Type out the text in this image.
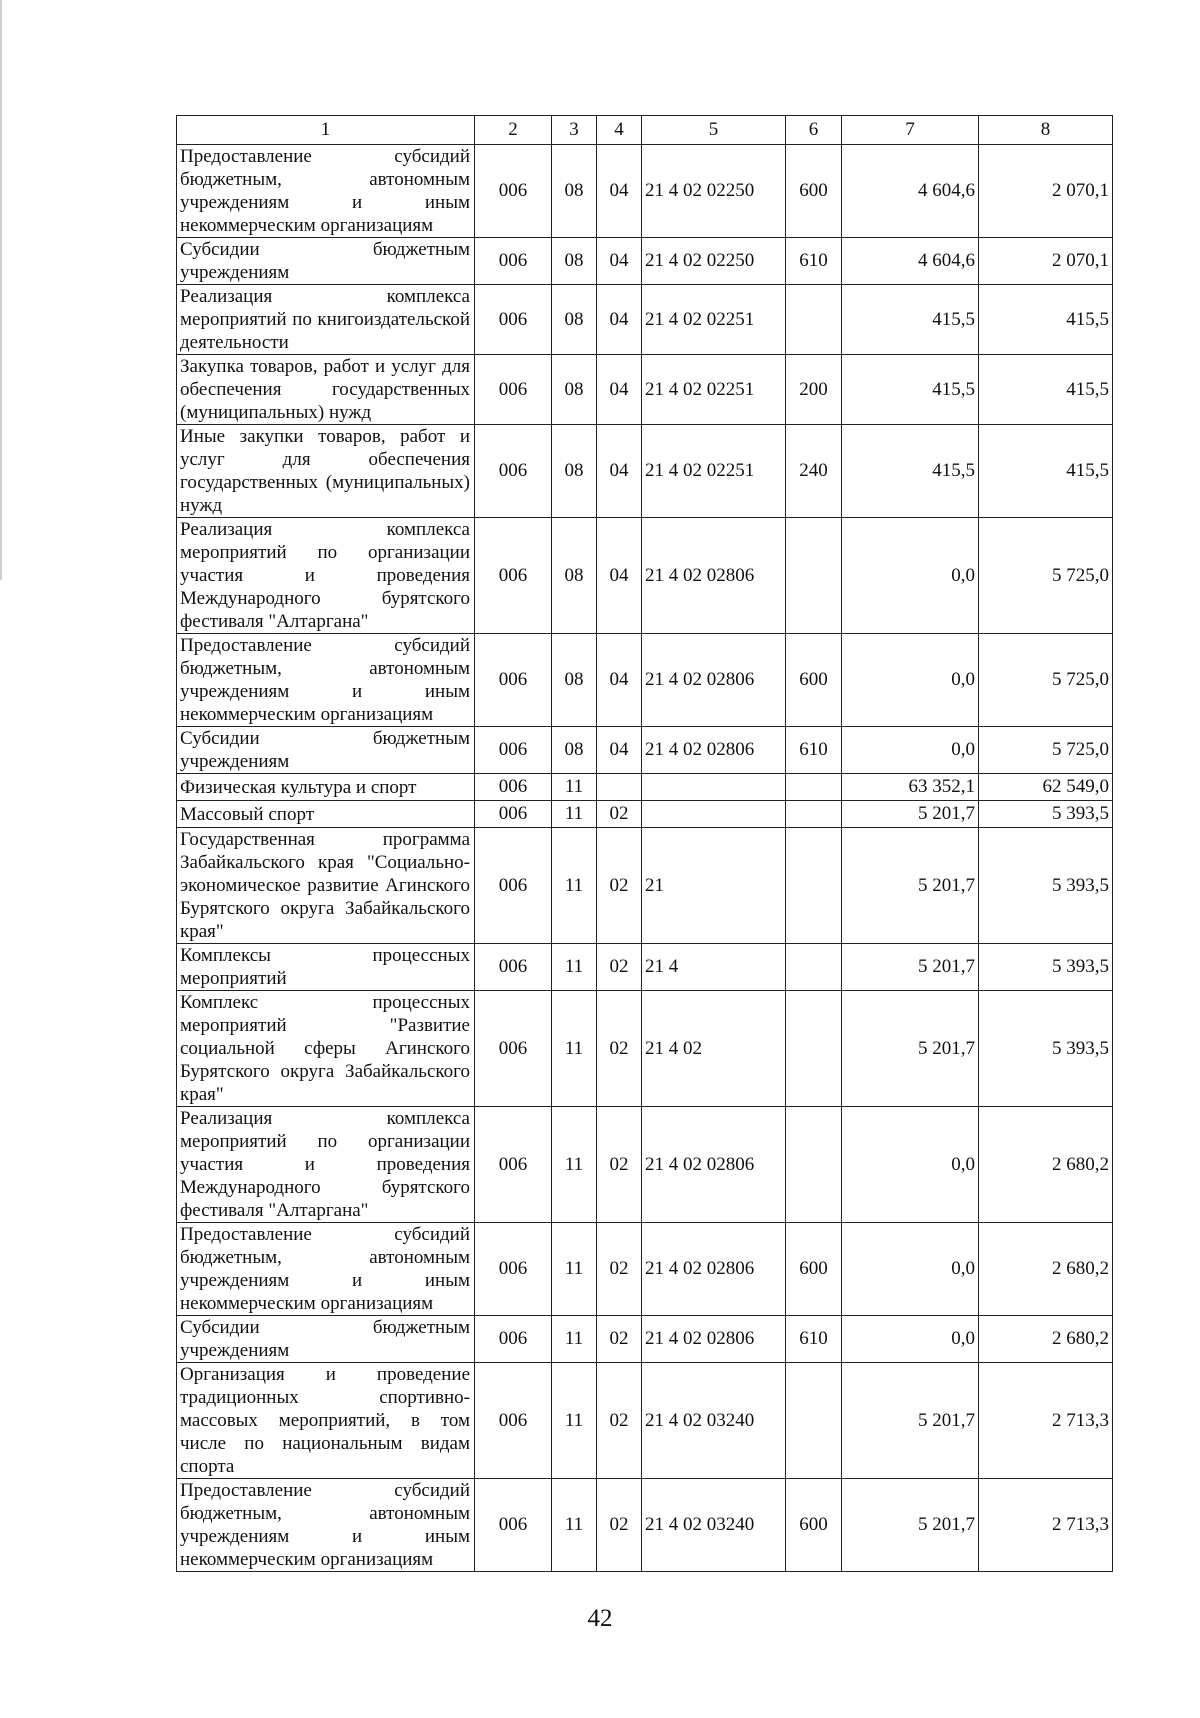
1	2	3	4	5	6	7	8
Предоставление субсидий бюджетным, автономным учреждениям и иным некоммерческим организациям	006	08	04	21 4 02 02250	600	4 604,6	2 070,1
Субсидии бюджетным учреждениям	006	08	04	21 4 02 02250	610	4 604,6	2 070,1
Реализация комплекса мероприятий по книгоиздательской деятельности	006	08	04	21 4 02 02251		415,5	415,5
Закупка товаров, работ и услуг для обеспечения государственных (муниципальных) нужд	006	08	04	21 4 02 02251	200	415,5	415,5
Иные закупки товаров, работ и услуг для обеспечения государственных (муниципальных) нужд	006	08	04	21 4 02 02251	240	415,5	415,5
Реализация комплекса мероприятий по организации участия и проведения Международного бурятского фестиваля "Алтаргана"	006	08	04	21 4 02 02806		0,0	5 725,0
Предоставление субсидий бюджетным, автономным учреждениям и иным некоммерческим организациям	006	08	04	21 4 02 02806	600	0,0	5 725,0
Субсидии бюджетным учреждениям	006	08	04	21 4 02 02806	610	0,0	5 725,0
Физическая культура и спорт	006	11				63 352,1	62 549,0
Массовый спорт	006	11	02			5 201,7	5 393,5
Государственная программа Забайкальского края "Социально-экономическое развитие Агинского Бурятского округа Забайкальского края"	006	11	02	21		5 201,7	5 393,5
Комплексы процессных мероприятий	006	11	02	21 4		5 201,7	5 393,5
Комплекс процессных мероприятий "Развитие социальной сферы Агинского Бурятского округа Забайкальского края"	006	11	02	21 4 02		5 201,7	5 393,5
Реализация комплекса мероприятий по организации участия и проведения Международного бурятского фестиваля "Алтаргана"	006	11	02	21 4 02 02806		0,0	2 680,2
Предоставление субсидий бюджетным, автономным учреждениям и иным некоммерческим организациям	006	11	02	21 4 02 02806	600	0,0	2 680,2
Субсидии бюджетным учреждениям	006	11	02	21 4 02 02806	610	0,0	2 680,2
Организация и проведение традиционных спортивно-массовых мероприятий, в том числе по национальным видам спорта	006	11	02	21 4 02 03240		5 201,7	2 713,3
Предоставление субсидий бюджетным, автономным учреждениям и иным некоммерческим организациям	006	11	02	21 4 02 03240	600	5 201,7	2 713,3
42
